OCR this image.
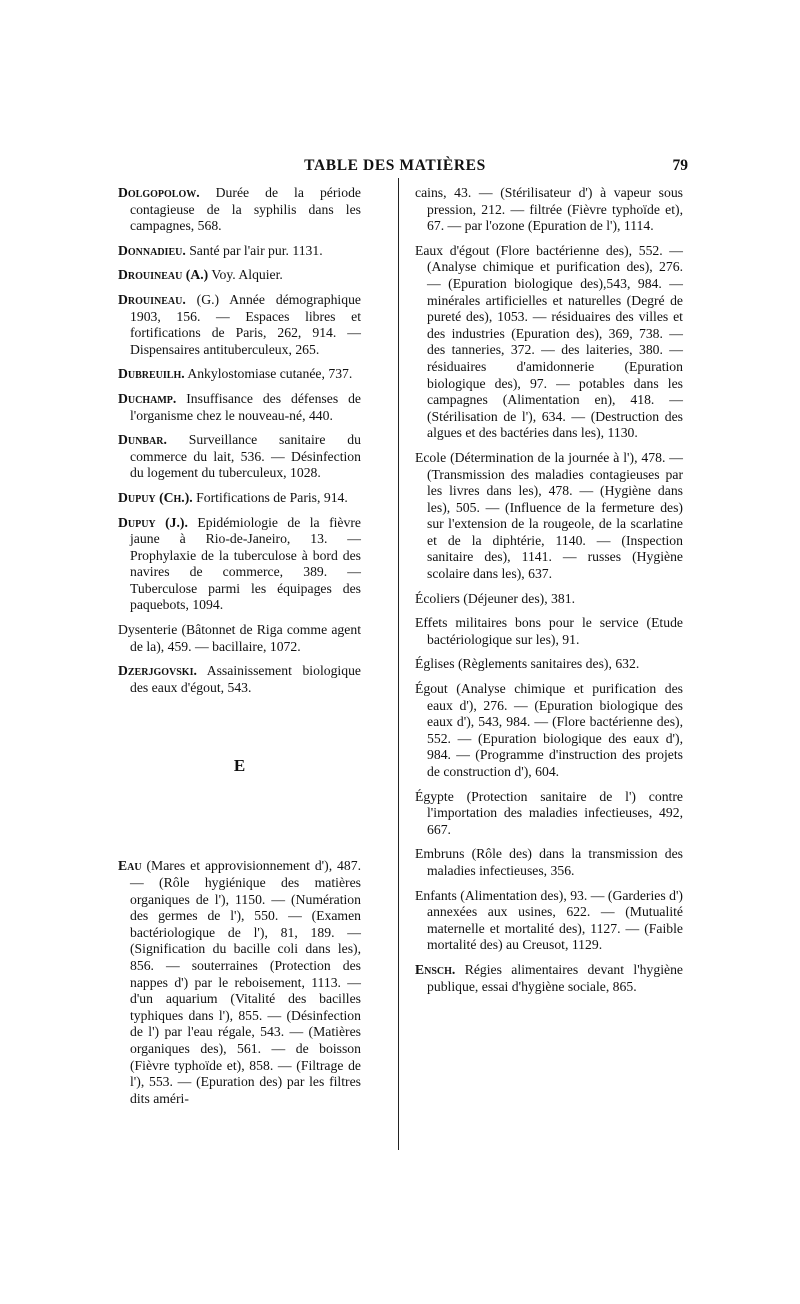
TABLE DES MATIÈRES	79

Dolgopolow. Durée de la période contagieuse de la syphilis dans les campagnes, 568.

Donnadieu. Santé par l'air pur. 1131.

Drouineau (A.) Voy. Alquier.

Drouineau. (G.) Année démographique 1903, 156. — Espaces libres et fortifications de Paris, 262, 914. — Dispensaires antituberculeux, 265.

Dubreuilh. Ankylostomiase cutanée, 737.

Duchamp. Insuffisance des défenses de l'organisme chez le nouveau-né, 440.

Dunbar. Surveillance sanitaire du commerce du lait, 536. — Désinfection du logement du tuberculeux, 1028.

Dupuy (Ch.). Fortifications de Paris, 914.

Dupuy (J.). Epidémiologie de la fièvre jaune à Rio-de-Janeiro, 13. — Prophylaxie de la tuberculose à bord des navires de commerce, 389. — Tuberculose parmi les équipages des paquebots, 1094.

Dysenterie (Bâtonnet de Riga comme agent de la), 459. — bacillaire, 1072.

Dzerjgovski. Assainissement biologique des eaux d'égout, 543.

E

Eau (Mares et approvisionnement d'), 487. — (Rôle hygiénique des matières organiques de l'), 1150. — (Numération des germes de l'), 550. — (Examen bactériologique de l'), 81, 189. — (Signification du bacille coli dans les), 856. — souterraines (Protection des nappes d') par le reboisement, 1113. — d'un aquarium (Vitalité des bacilles typhiques dans l'), 855. — (Désinfection de l') par l'eau régale, 543. — (Matières organiques des), 561. — de boisson (Fièvre typhoïde et), 858. — (Filtrage de l'), 553. — (Epuration des) par les filtres dits améri-

cains, 43. — (Stérilisateur d') à vapeur sous pression, 212. — filtrée (Fièvre typhoïde et), 67. — par l'ozone (Epuration de l'), 1114.

Eaux d'égout (Flore bactérienne des), 552. — (Analyse chimique et purification des), 276. — (Epuration biologique des),543, 984. — minérales artificielles et naturelles (Degré de pureté des), 1053. — résiduaires des villes et des industries (Epuration des), 369, 738. — des tanneries, 372. — des laiteries, 380. — résiduaires d'amidonnerie (Epuration biologique des), 97. — potables dans les campagnes (Alimentation en), 418. — (Stérilisation de l'), 634. — (Destruction des algues et des bactéries dans les), 1130.

Ecole (Détermination de la journée à l'), 478. — (Transmission des maladies contagieuses par les livres dans les), 478. — (Hygiène dans les), 505. — (Influence de la fermeture des) sur l'extension de la rougeole, de la scarlatine et de la diphtérie, 1140. — (Inspection sanitaire des), 1141. — russes (Hygiène scolaire dans les), 637.

Écoliers (Déjeuner des), 381.

Effets militaires bons pour le service (Etude bactériologique sur les), 91.

Églises (Règlements sanitaires des), 632.

Égout (Analyse chimique et purification des eaux d'), 276. — (Epuration biologique des eaux d'), 543, 984. — (Flore bactérienne des), 552. — (Epuration biologique des eaux d'), 984. — (Programme d'instruction des projets de construction d'), 604.

Égypte (Protection sanitaire de l') contre l'importation des maladies infectieuses, 492, 667.

Embruns (Rôle des) dans la transmission des maladies infectieuses, 356.

Enfants (Alimentation des), 93. — (Garderies d') annexées aux usines, 622. — (Mutualité maternelle et mortalité des), 1127. — (Faible mortalité des) au Creusot, 1129.

Ensch. Régies alimentaires devant l'hygiène publique, essai d'hygiène sociale, 865.
